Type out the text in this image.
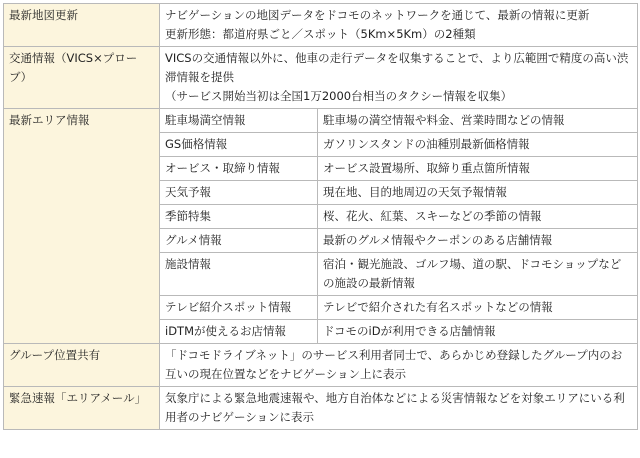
最新地図更新	ナビゲーションの地図データをドコモのネットワークを通じて、最新の情報に更新
更新形態：都道府県ごと／スポット（5Km×5Km）の2種類	

交通情報（VICS×プローブ）	VICSの交通情報以外に、他車の走行データを収集することで、より広範囲で精度の高い渋滞情報を提供
（サービス開始当初は全国1万2000台相当のタクシー情報を収集）	

最新エリア情報	駐車場満空情報	駐車場の満空情報や料金、営業時間などの情報
	GS価格情報	ガソリンスタンドの油種別最新価格情報
	オービス・取締り情報	オービス設置場所、取締り重点箇所情報
	天気予報	現在地、目的地周辺の天気予報情報
	季節特集	桜、花火、紅葉、スキーなどの季節の情報
	グルメ情報	最新のグルメ情報やクーポンのある店舗情報
	施設情報	宿泊・観光施設、ゴルフ場、道の駅、ドコモショップなどの施設の最新情報
	テレビ紹介スポット情報	テレビで紹介された有名スポットなどの情報
	iDTMが使えるお店情報	ドコモのiDが利用できる店舗情報
グループ位置共有	「ドコモドライブネット」のサービス利用者同士で、あらかじめ登録したグループ内のお互いの現在位置などをナビゲーション上に表示	

緊急速報「エリアメール」	気象庁による緊急地震速報や、地方自治体などによる災害情報などを対象エリアにいる利用者のナビゲーションに表示	
